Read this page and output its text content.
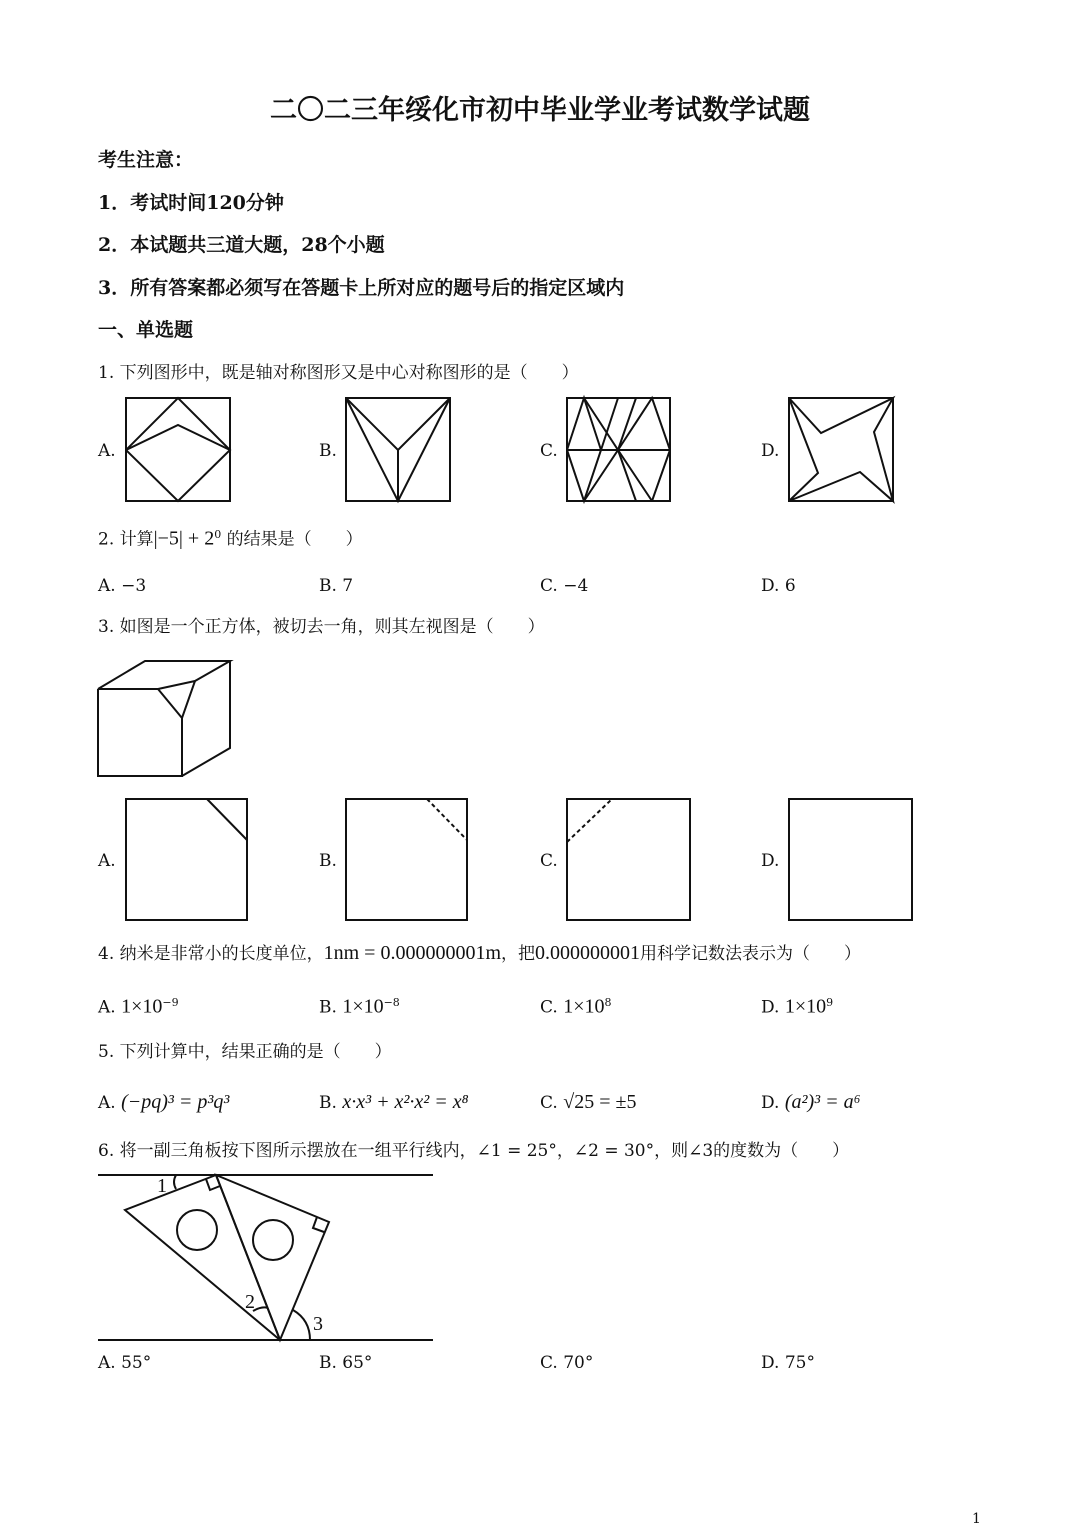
二〇二三年绥化市初中毕业学业考试数学试题
考生注意：
1．考试时间120分钟
2．本试题共三道大题，28个小题
3．所有答案都必须写在答题卡上所对应的题号后的指定区域内
一、单选题
1. 下列图形中，既是轴对称图形又是中心对称图形的是（　　）
A.	B.	C.	D.
2. 计算$|-5| + 2^0$ 的结果是（　　）
A. −3	B. 7	C. −4	D. 6
3. 如图是一个正方体，被切去一角，则其左视图是（　　）
A.	B.	C.	D.
4. 纳米是非常小的长度单位，1nm = 0.000000001m，把0.000000001用科学记数法表示为（　　）
A. $1\times 10^{-9}$	B. $1\times 10^{-8}$	C. $1\times 10^8$	D. $1\times 10^9$
5. 下列计算中，结果正确的是（　　）
A. (−pq)³ = p³q³	B. x·x³ + x²·x² = x⁸	C. √25 = ±5	D. (a²)³ = a⁶
6. 将一副三角板按下图所示摆放在一组平行线内，∠1 = 25°，∠2 = 30°，则∠3的度数为（　　）
A. 55°	B. 65°	C. 70°	D. 75°
1
1
2
3
